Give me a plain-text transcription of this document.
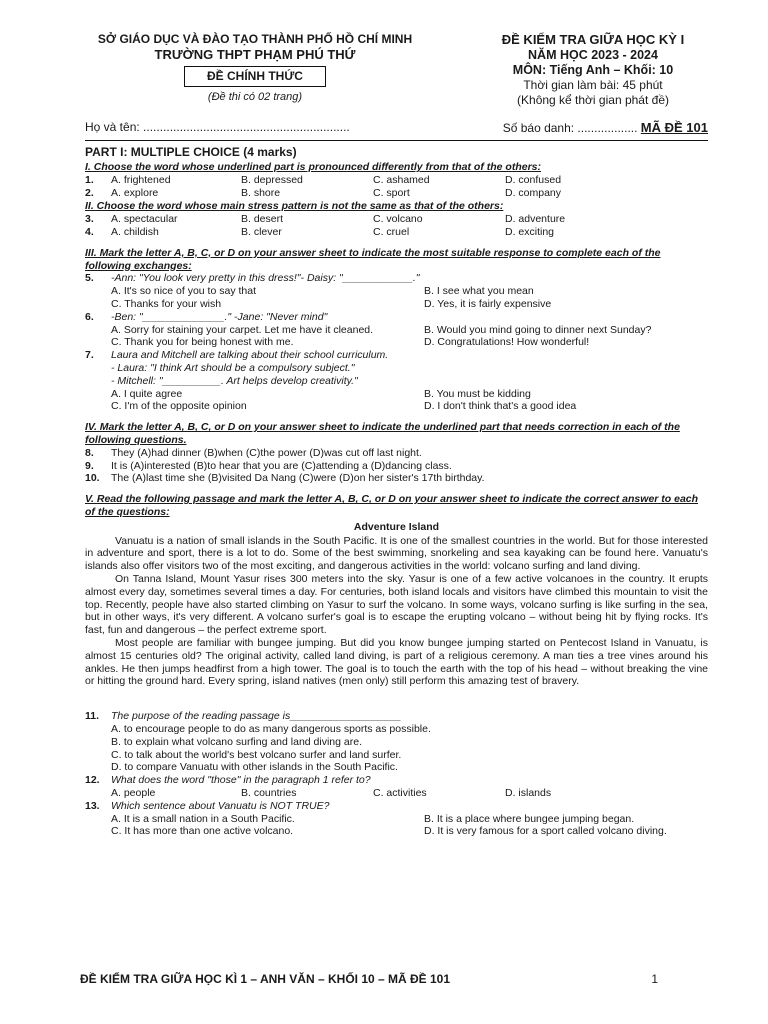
SỞ GIÁO DỤC VÀ ĐÀO TẠO THÀNH PHỐ HỒ CHÍ MINH
TRƯỜNG THPT PHẠM PHÚ THỨ
ĐỀ CHÍNH THỨC
(Đề thi có 02 trang)
ĐỀ KIỂM TRA GIỮA HỌC KỲ I
NĂM HỌC 2023 - 2024
MÔN: Tiếng Anh – Khối: 10
Thời gian làm bài: 45 phút
(Không kể thời gian phát đề)
Họ và tên: ..............................................................	Số báo danh: .................. MÃ ĐỀ 101
PART I: MULTIPLE CHOICE (4 marks)
I. Choose the word whose underlined part is pronounced differently from that of the others:
1.	A. frightened	B. depressed	C. ashamed	D. confused
2.	A. explore	B. shore	C. sport	D. company
II. Choose the word whose main stress pattern is not the same as that of the others:
3.	A. spectacular	B. desert	C. volcano	D. adventure
4.	A. childish	B. clever	C. cruel	D. exciting
III. Mark the letter A, B, C, or D on your answer sheet to indicate the most suitable response to complete each of the following exchanges:
5.	-Ann: "You look very pretty in this dress!"- Daisy: "____________."
A. It's so nice of you to say that	B. I see what you mean
C. Thanks for your wish	D. Yes, it is fairly expensive
6.	-Ben: "______________." -Jane: "Never mind"
A. Sorry for staining your carpet. Let me have it cleaned.	B. Would you mind going to dinner next Sunday?
C. Thank you for being honest with me.	D. Congratulations! How wonderful!
7.	Laura and Mitchell are talking about their school curriculum.
- Laura: "I think Art should be a compulsory subject."
- Mitchell: "__________. Art helps develop creativity."
A. I quite agree	B. You must be kidding
C. I'm of the opposite opinion	D. I don't think that's a good idea
IV. Mark the letter A, B, C, or D on your answer sheet to indicate the underlined part that needs correction in each of the following questions.
8.	They (A)had dinner (B)when (C)the power (D)was cut off last night.
9.	It is (A)interested (B)to hear that you are (C)attending a (D)dancing class.
10.	The (A)last time she (B)visited Da Nang (C)were (D)on her sister's 17th birthday.
V. Read the following passage and mark the letter A, B, C, or D on your answer sheet to indicate the correct answer to each of the questions:
Adventure Island
Vanuatu is a nation of small islands in the South Pacific. It is one of the smallest countries in the world. But for those interested in adventure and sport, there is a lot to do. Some of the best swimming, snorkeling and sea kayaking can be found here. Vanuatu's islands also offer visitors two of the most exciting, and dangerous activities in the world: volcano surfing and land diving.
On Tanna Island, Mount Yasur rises 300 meters into the sky. Yasur is one of a few active volcanoes in the country. It erupts almost every day, sometimes several times a day. For centuries, both island locals and visitors have climbed this mountain to visit the top. Recently, people have also started climbing on Yasur to surf the volcano. In some ways, volcano surfing is like surfing in the sea, but in other ways, it's very different. A volcano surfer's goal is to escape the erupting volcano – without being hit by flying rocks. It's fast, fun and dangerous – the perfect extreme sport.
Most people are familiar with bungee jumping. But did you know bungee jumping started on Pentecost Island in Vanuatu, is almost 15 centuries old? The original activity, called land diving, is part of a religious ceremony. A man ties a tree vines around his ankles. He then jumps headfirst from a high tower. The goal is to touch the earth with the top of his head – without breaking the vine or hitting the ground hard. Every spring, island natives (men only) still perform this amazing test of bravery.
11.	The purpose of the reading passage is___________________
A. to encourage people to do as many dangerous sports as possible.
B. to explain what volcano surfing and land diving are.
C. to talk about the world's best volcano surfer and land surfer.
D. to compare Vanuatu with other islands in the South Pacific.
12.	What does the word "those" in the paragraph 1 refer to?
A. people	B. countries	C. activities	D. islands
13.	Which sentence about Vanuatu is NOT TRUE?
A. It is a small nation in a South Pacific.	B. It is a place where bungee jumping began.
C. It has more than one active volcano.	D. It is very famous for a sport called volcano diving.
ĐỀ KIỂM TRA GIỮA HỌC KÌ 1 – ANH VĂN – KHỐI 10 – MÃ ĐỀ 101	1
